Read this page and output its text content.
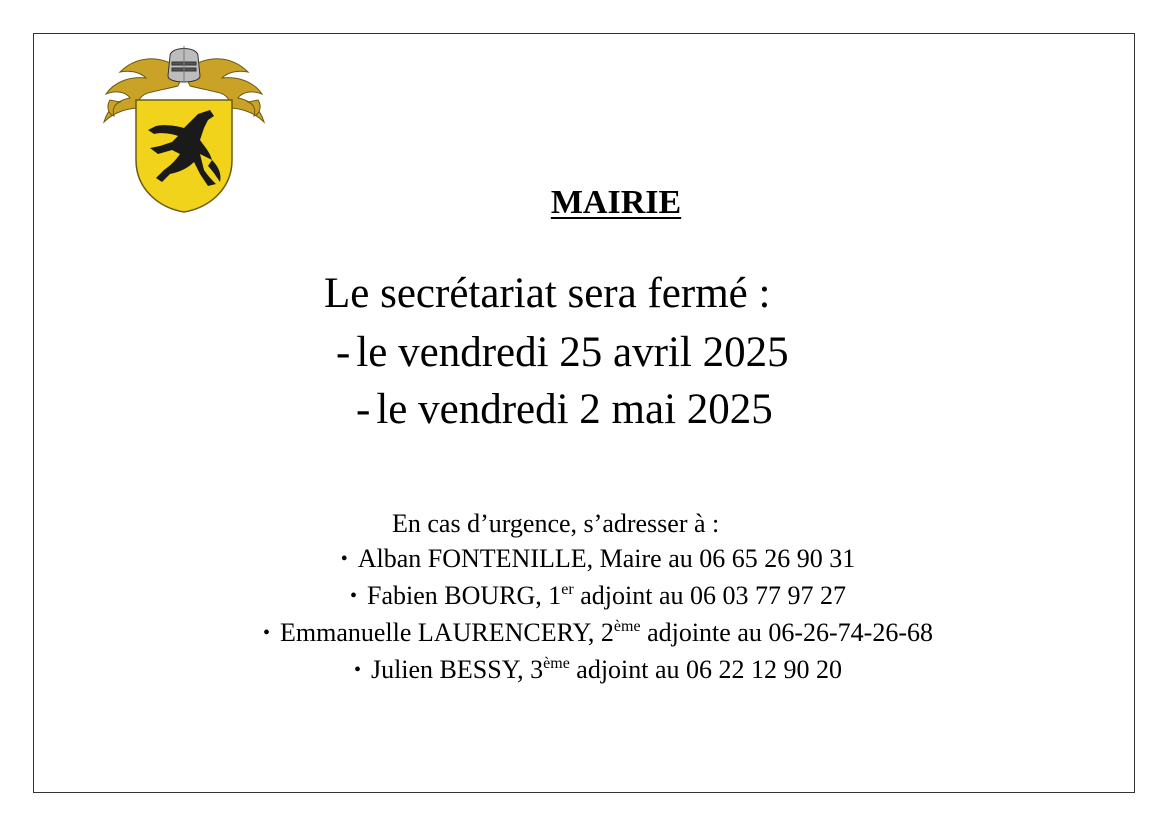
MAIRIE
Le secrétariat sera fermé :
- le vendredi 25 avril 2025
- le vendredi 2 mai 2025
En cas d’urgence, s’adresser à :
• Alban FONTENILLE, Maire au 06 65 26 90 31
• Fabien BOURG, 1er adjoint au 06 03 77 97 27
• Emmanuelle LAURENCERY, 2ème adjointe au 06-26-74-26-68
• Julien BESSY, 3ème adjoint au 06 22 12 90 20
